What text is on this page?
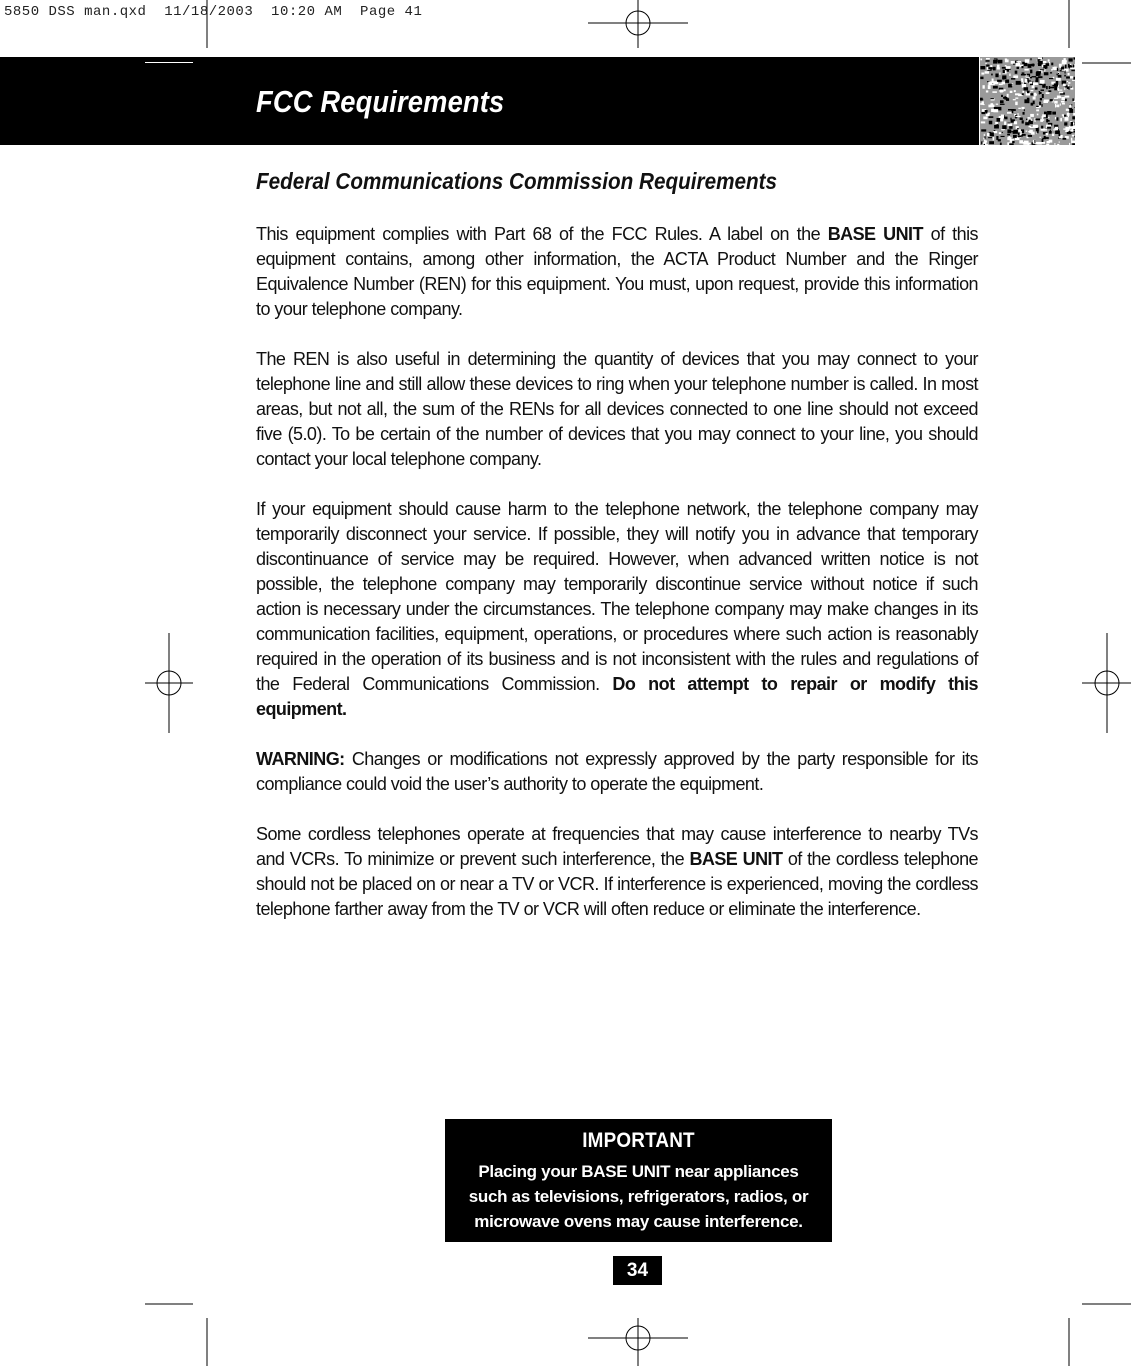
5850 DSS man.qxd  11/18/2003  10:20 AM  Page 41
FCC Requirements
Federal Communications Commission Requirements

This equipment complies with Part 68 of the FCC Rules. A label on the BASE UNIT of this equipment contains, among other information, the ACTA Product Number and the Ringer Equivalence Number (REN) for this equipment. You must, upon request, provide this information to your telephone company.

The REN is also useful in determining the quantity of devices that you may connect to your telephone line and still allow these devices to ring when your telephone number is called. In most areas, but not all, the sum of the RENs for all devices connected to one line should not exceed five (5.0). To be certain of the number of devices that you may connect to your line, you should contact your local telephone company.

If your equipment should cause harm to the telephone network, the telephone company may temporarily disconnect your service. If possible, they will notify you in advance that temporary discontinuance of service may be required. However, when advanced written notice is not possible, the telephone company may temporarily discontinue service without notice if such action is necessary under the circumstances. The telephone company may make changes in its communication facilities, equipment, operations, or procedures where such action is reasonably required in the operation of its business and is not inconsistent with the rules and regulations of the Federal Communications Commission. Do not attempt to repair or modify this equipment.

WARNING: Changes or modifications not expressly approved by the party responsible for its compliance could void the user’s authority to operate the equipment.

Some cordless telephones operate at frequencies that may cause interference to nearby TVs and VCRs. To minimize or prevent such interference, the BASE UNIT of the cordless telephone should not be placed on or near a TV or VCR. If interference is experienced, moving the cordless telephone farther away from the TV or VCR will often reduce or eliminate the interference.

IMPORTANT
Placing your BASE UNIT near appliances
such as televisions, refrigerators, radios, or
microwave ovens may cause interference.
34
